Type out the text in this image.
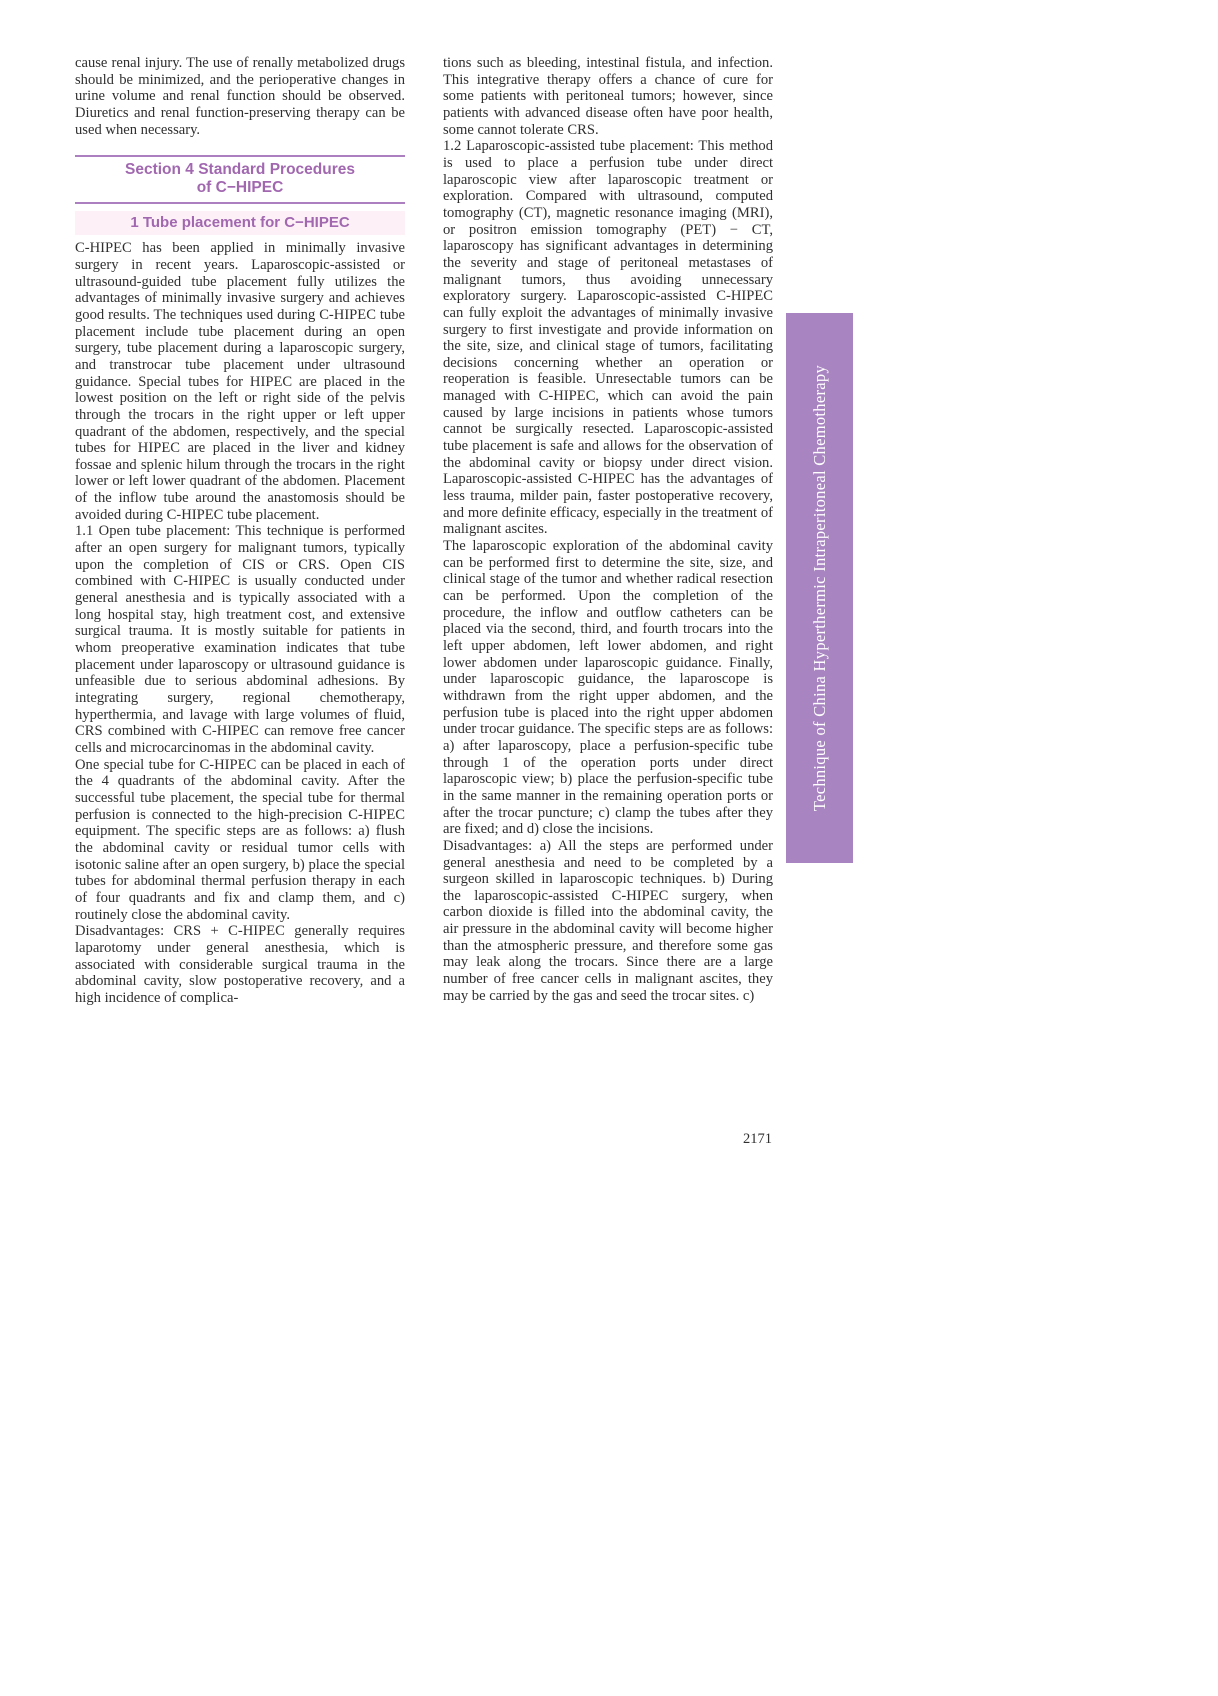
cause renal injury. The use of renally metabolized drugs should be minimized, and the perioperative changes in urine volume and renal function should be observed. Diuretics and renal function-preserving therapy can be used when necessary.

Section 4 Standard Procedures
of C−HIPEC
1 Tube placement for C−HIPEC

C-HIPEC has been applied in minimally invasive surgery in recent years. Laparoscopic-assisted or ultrasound-guided tube placement fully utilizes the advantages of minimally invasive surgery and achieves good results. The techniques used during C-HIPEC tube placement include tube placement during an open surgery, tube placement during a laparoscopic surgery, and transtrocar tube placement under ultrasound guidance. Special tubes for HIPEC are placed in the lowest position on the left or right side of the pelvis through the trocars in the right upper or left upper quadrant of the abdomen, respectively, and the special tubes for HIPEC are placed in the liver and kidney fossae and splenic hilum through the trocars in the right lower or left lower quadrant of the abdomen. Placement of the inflow tube around the anastomosis should be avoided during C-HIPEC tube placement.

1.1 Open tube placement: This technique is performed after an open surgery for malignant tumors, typically upon the completion of CIS or CRS. Open CIS combined with C-HIPEC is usually conducted under general anesthesia and is typically associated with a long hospital stay, high treatment cost, and extensive surgical trauma. It is mostly suitable for patients in whom preoperative examination indicates that tube placement under laparoscopy or ultrasound guidance is unfeasible due to serious abdominal adhesions. By integrating surgery, regional chemotherapy, hyperthermia, and lavage with large volumes of fluid, CRS combined with C-HIPEC can remove free cancer cells and microcarcinomas in the abdominal cavity.

One special tube for C-HIPEC can be placed in each of the 4 quadrants of the abdominal cavity. After the successful tube placement, the special tube for thermal perfusion is connected to the high-precision C-HIPEC equipment. The specific steps are as follows: a) flush the abdominal cavity or residual tumor cells with isotonic saline after an open surgery, b) place the special tubes for abdominal thermal perfusion therapy in each of four quadrants and fix and clamp them, and c) routinely close the abdominal cavity.

Disadvantages: CRS + C-HIPEC generally requires laparotomy under general anesthesia, which is associated with considerable surgical trauma in the abdominal cavity, slow postoperative recovery, and a high incidence of complica-

tions such as bleeding, intestinal fistula, and infection. This integrative therapy offers a chance of cure for some patients with peritoneal tumors; however, since patients with advanced disease often have poor health, some cannot tolerate CRS.

1.2 Laparoscopic-assisted tube placement: This method is used to place a perfusion tube under direct laparoscopic view after laparoscopic treatment or exploration. Compared with ultrasound, computed tomography (CT), magnetic resonance imaging (MRI), or positron emission tomography (PET) − CT, laparoscopy has significant advantages in determining the severity and stage of peritoneal metastases of malignant tumors, thus avoiding unnecessary exploratory surgery. Laparoscopic-assisted C-HIPEC can fully exploit the advantages of minimally invasive surgery to first investigate and provide information on the site, size, and clinical stage of tumors, facilitating decisions concerning whether an operation or reoperation is feasible. Unresectable tumors can be managed with C-HIPEC, which can avoid the pain caused by large incisions in patients whose tumors cannot be surgically resected. Laparoscopic-assisted tube placement is safe and allows for the observation of the abdominal cavity or biopsy under direct vision. Laparoscopic-assisted C-HIPEC has the advantages of less trauma, milder pain, faster postoperative recovery, and more definite efficacy, especially in the treatment of malignant ascites.

The laparoscopic exploration of the abdominal cavity can be performed first to determine the site, size, and clinical stage of the tumor and whether radical resection can be performed. Upon the completion of the procedure, the inflow and outflow catheters can be placed via the second, third, and fourth trocars into the left upper abdomen, left lower abdomen, and right lower abdomen under laparoscopic guidance. Finally, under laparoscopic guidance, the laparoscope is withdrawn from the right upper abdomen, and the perfusion tube is placed into the right upper abdomen under trocar guidance. The specific steps are as follows: a) after laparoscopy, place a perfusion-specific tube through 1 of the operation ports under direct laparoscopic view; b) place the perfusion-specific tube in the same manner in the remaining operation ports or after the trocar puncture; c) clamp the tubes after they are fixed; and d) close the incisions.

Disadvantages: a) All the steps are performed under general anesthesia and need to be completed by a surgeon skilled in laparoscopic techniques. b) During the laparoscopic-assisted C-HIPEC surgery, when carbon dioxide is filled into the abdominal cavity, the air pressure in the abdominal cavity will become higher than the atmospheric pressure, and therefore some gas may leak along the trocars. Since there are a large number of free cancer cells in malignant ascites, they may be carried by the gas and seed the trocar sites. c)

Technique of China Hyperthermic Intraperitoneal Chemotherapy
2171
